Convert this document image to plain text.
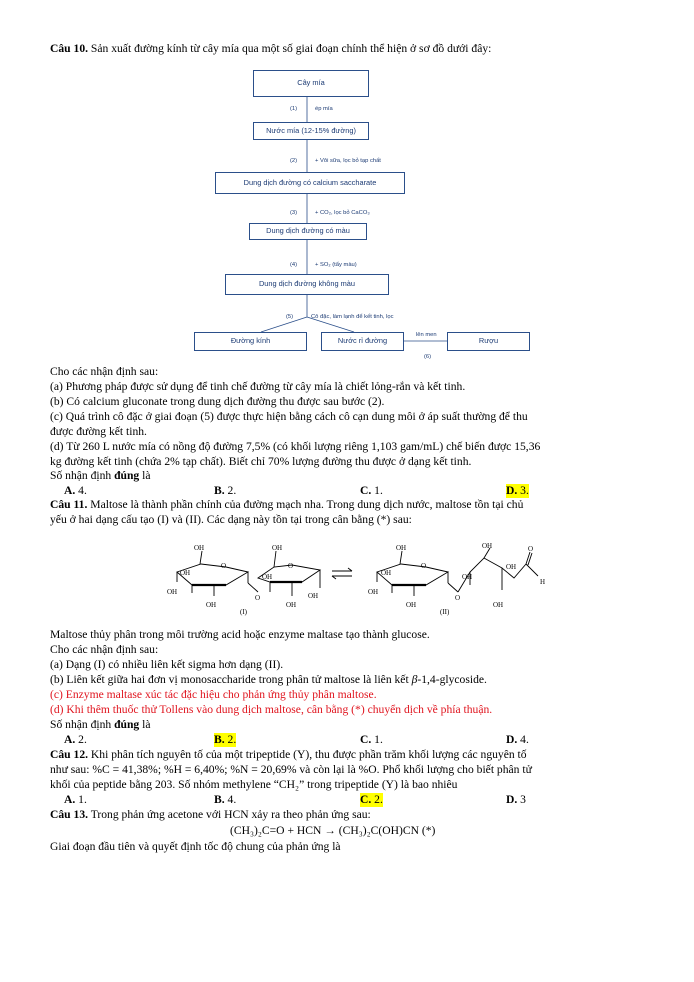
Câu 10. Sản xuất đường kính từ cây mía qua một số giai đoạn chính thể hiện ở sơ đồ dưới đây:
Cây mía
(1)	ép mía
Nước mía (12-15% đường)
(2)	+ Vôi sữa, lọc bỏ tạp chất
Dung dịch đường có calcium saccharate
(3)	+ CO₂, lọc bỏ CaCO₃
Dung dịch đường có màu
(4)	+ SO₂ (tẩy màu)
Dung dịch đường không màu
(5)	Cô đặc, làm lạnh để kết tinh, lọc
Đường kính	Nước rỉ đường
lên men
(6)
Rượu
Cho các nhận định sau:
(a) Phương pháp được sử dụng để tinh chế đường từ cây mía là chiết lỏng-rắn và kết tinh.
(b) Có calcium gluconate trong dung dịch đường thu được sau bước (2).
(c) Quá trình cô đặc ở giai đoạn (5) được thực hiện bằng cách cô cạn dung môi ở áp suất thường để thu
được đường kết tinh.
(d) Từ 260 L nước mía có nồng độ đường 7,5% (có khối lượng riêng 1,103 gam/mL) chế biến được 15,36
kg đường kết tinh (chứa 2% tạp chất). Biết chỉ 70% lượng đường thu được ở dạng kết tinh.
Số nhận định đúng là
A. 4.	B. 2.	C. 1.	D. 3.
Câu 11. Maltose là thành phần chính của đường mạch nha. Trong dung dịch nước, maltose tồn tại chủ
yếu ở hai dạng cấu tạo (I) và (II). Các dạng này tồn tại trong cân bằng (*) sau:
OH
O
OH
OH
OH
O
OH
O
OH
OH
OH
(I)
OH
O
OH
OH
OH
O
OH
OH
OH
OH
O
H
(II)
Maltose thủy phân trong môi trường acid hoặc enzyme maltase tạo thành glucose.
Cho các nhận định sau:
(a) Dạng (I) có nhiều liên kết sigma hơn dạng (II).
(b) Liên kết giữa hai đơn vị monosaccharide trong phân tử maltose là liên kết β-1,4-glycoside.
(c) Enzyme maltase xúc tác đặc hiệu cho phản ứng thủy phân maltose.
(d) Khi thêm thuốc thử Tollens vào dung dịch maltose, cân bằng (*) chuyển dịch về phía thuận.
Số nhận định đúng là
A. 2.	B. 2.	C. 1.	D. 4.
Câu 12. Khi phân tích nguyên tố của một tripeptide (Y), thu được phần trăm khối lượng các nguyên tố
như sau: %C = 41,38%; %H = 6,40%; %N = 20,69% và còn lại là %O. Phổ khối lượng cho biết phân tử
khối của peptide bằng 203. Số nhóm methylene “CH₂” trong tripeptide (Y) là bao nhiêu
A. 1.	B. 4.	C. 2.	D. 3
Câu 13. Trong phản ứng acetone với HCN xảy ra theo phản ứng sau:
(CH₃)₂C=O + HCN → (CH₃)₂C(OH)CN (*)
Giai đoạn đầu tiên và quyết định tốc độ chung của phản ứng là
